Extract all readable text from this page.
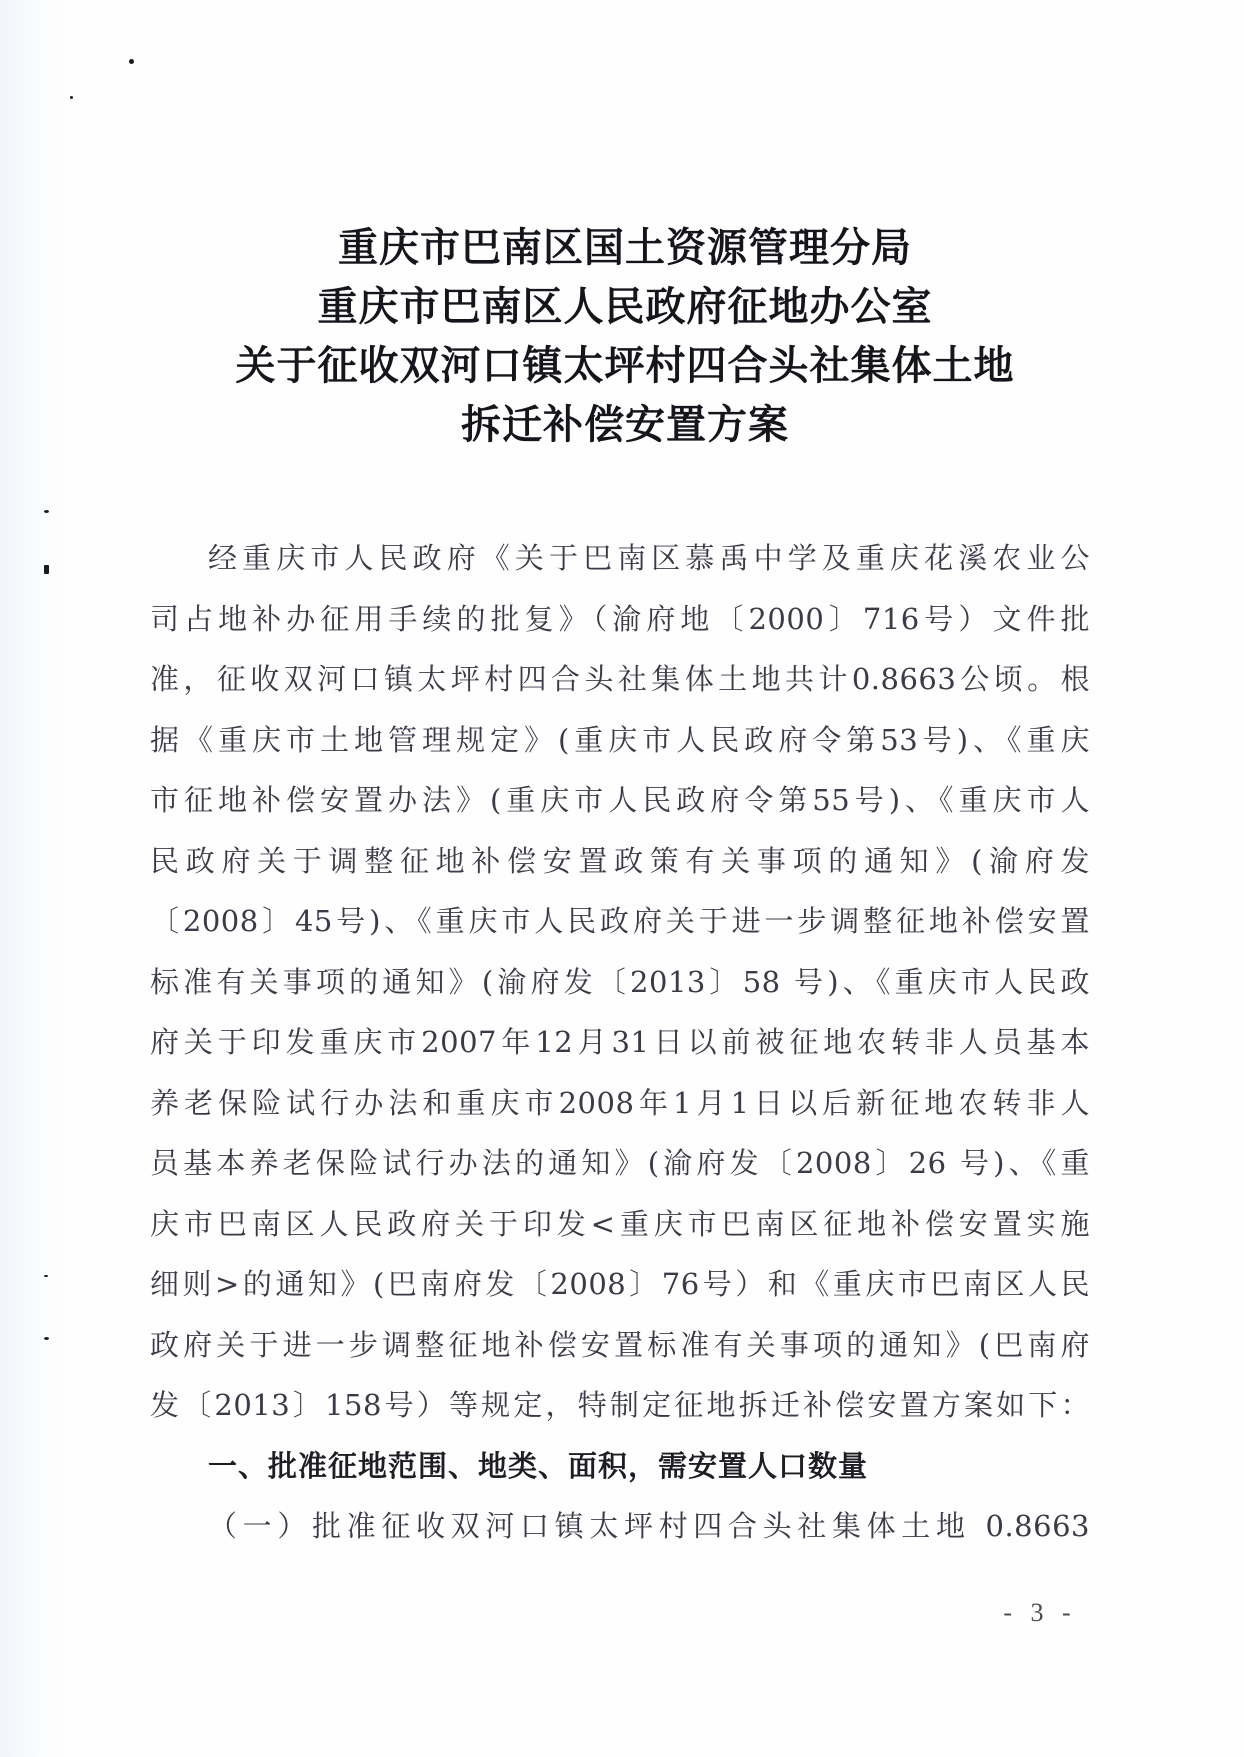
重庆市巴南区国土资源管理分局
重庆市巴南区人民政府征地办公室
关于征收双河口镇太坪村四合头社集体土地
拆迁补偿安置方案
经重庆市人民政府《关于巴南区慕禹中学及重庆花溪农业公
司占地补办征用手续的批复》（渝府地〔2000〕716号）文件批
准，征收双河口镇太坪村四合头社集体土地共计0.8663公顷。根
据《重庆市土地管理规定》(重庆市人民政府令第53号)、《重庆
市征地补偿安置办法》(重庆市人民政府令第55号)、《重庆市人
民政府关于调整征地补偿安置政策有关事项的通知》(渝府发
〔2008〕45号)、《重庆市人民政府关于进一步调整征地补偿安置
标准有关事项的通知》(渝府发〔2013〕58 号)、《重庆市人民政
府关于印发重庆市2007年12月31日以前被征地农转非人员基本
养老保险试行办法和重庆市2008年1月1日以后新征地农转非人
员基本养老保险试行办法的通知》(渝府发〔2008〕26 号)、《重
庆市巴南区人民政府关于印发<重庆市巴南区征地补偿安置实施
细则>的通知》(巴南府发〔2008〕76号）和《重庆市巴南区人民
政府关于进一步调整征地补偿安置标准有关事项的通知》(巴南府
发〔2013〕158号）等规定，特制定征地拆迁补偿安置方案如下：
一、批准征地范围、地类、面积，需安置人口数量
（一）批准征收双河口镇太坪村四合头社集体土地 0.8663
- 3 -
